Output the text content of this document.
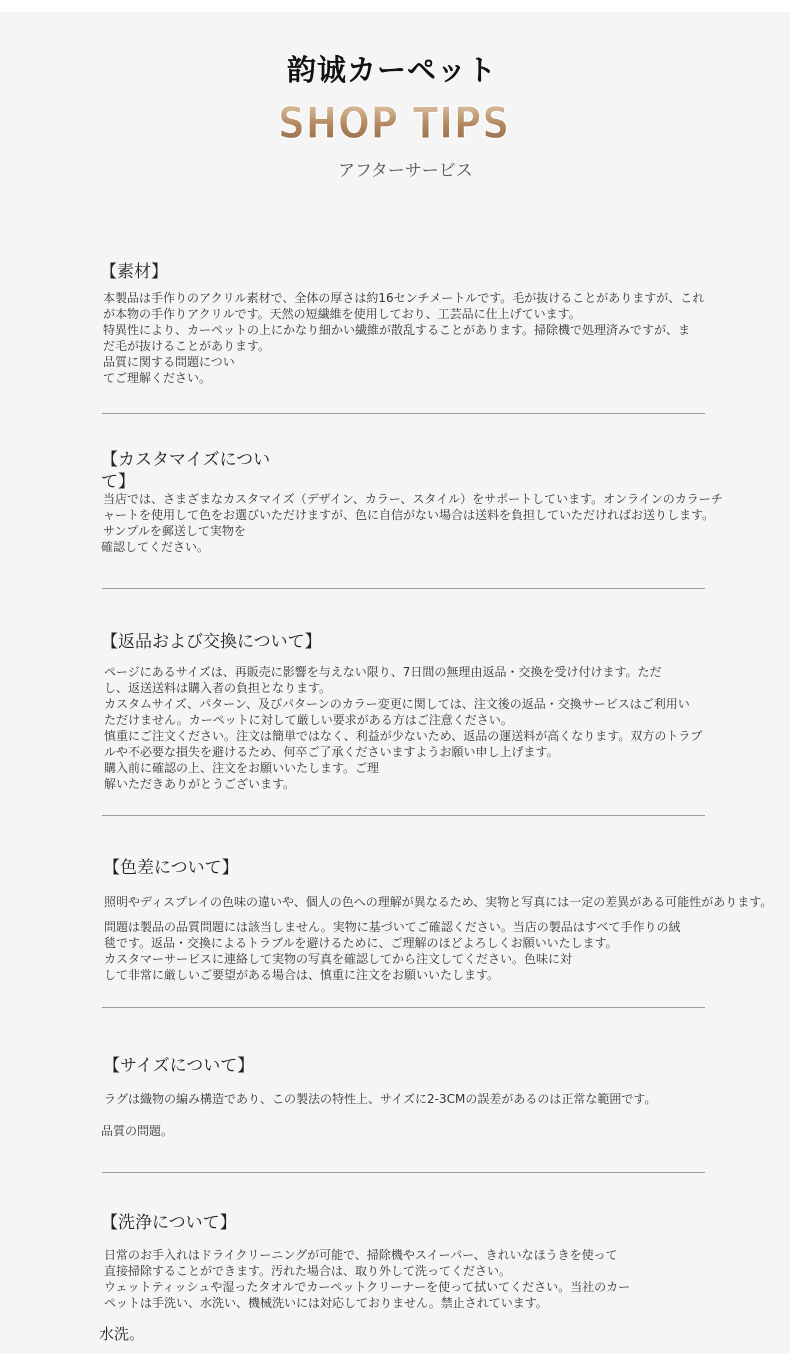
韵诚カーペット
SHOP TIPS
アフターサービス
【素材】
本製品は手作りのアクリル素材で、全体の厚さは約16センチメートルです。毛が抜けることがありますが、これ
が本物の手作りアクリルです。天然の短繊維を使用しており、工芸品に仕上げています。
特異性により、カーペットの上にかなり細かい繊維が散乱することがあります。掃除機で処理済みですが、ま
だ毛が抜けることがあります。
品質に関する問題につい
てご理解ください。
【カスタマイズについ
て】
当店では、さまざまなカスタマイズ（デザイン、カラー、スタイル）をサポートしています。オンラインのカラーチ
ャートを使用して色をお選びいただけますが、色に自信がない場合は送料を負担していただければお送りします。
サンプルを郵送して実物を
確認してください。
【返品および交換について】
ページにあるサイズは、再販売に影響を与えない限り、7日間の無理由返品・交換を受け付けます。ただ
し、返送送料は購入者の負担となります。
カスタムサイズ、パターン、及びパターンのカラー変更に関しては、注文後の返品・交換サービスはご利用い
ただけません。カーペットに対して厳しい要求がある方はご注意ください。
慎重にご注文ください。注文は簡単ではなく、利益が少ないため、返品の運送料が高くなります。双方のトラブ
ルや不必要な損失を避けるため、何卒ご了承くださいますようお願い申し上げます。
購入前に確認の上、注文をお願いいたします。ご理
解いただきありがとうございます。
【色差について】
照明やディスプレイの色味の違いや、個人の色への理解が異なるため、実物と写真には一定の差異がある可能性があります。
問題は製品の品質問題には該当しません。実物に基づいてご確認ください。当店の製品はすべて手作りの絨
毯です。返品・交換によるトラブルを避けるために、ご理解のほどよろしくお願いいたします。
カスタマーサービスに連絡して実物の写真を確認してから注文してください。色味に対
して非常に厳しいご要望がある場合は、慎重に注文をお願いいたします。
【サイズについて】
ラグは織物の編み構造であり、この製法の特性上、サイズに2-3CMの誤差があるのは正常な範囲です。
品質の問題。
【洗浄について】
日常のお手入れはドライクリーニングが可能で、掃除機やスイーパー、きれいなほうきを使って
直接掃除することができます。汚れた場合は、取り外して洗ってください。
ウェットティッシュや湿ったタオルでカーペットクリーナーを使って拭いてください。当社のカー
ペットは手洗い、水洗い、機械洗いには対応しておりません。禁止されています。
水洗。
